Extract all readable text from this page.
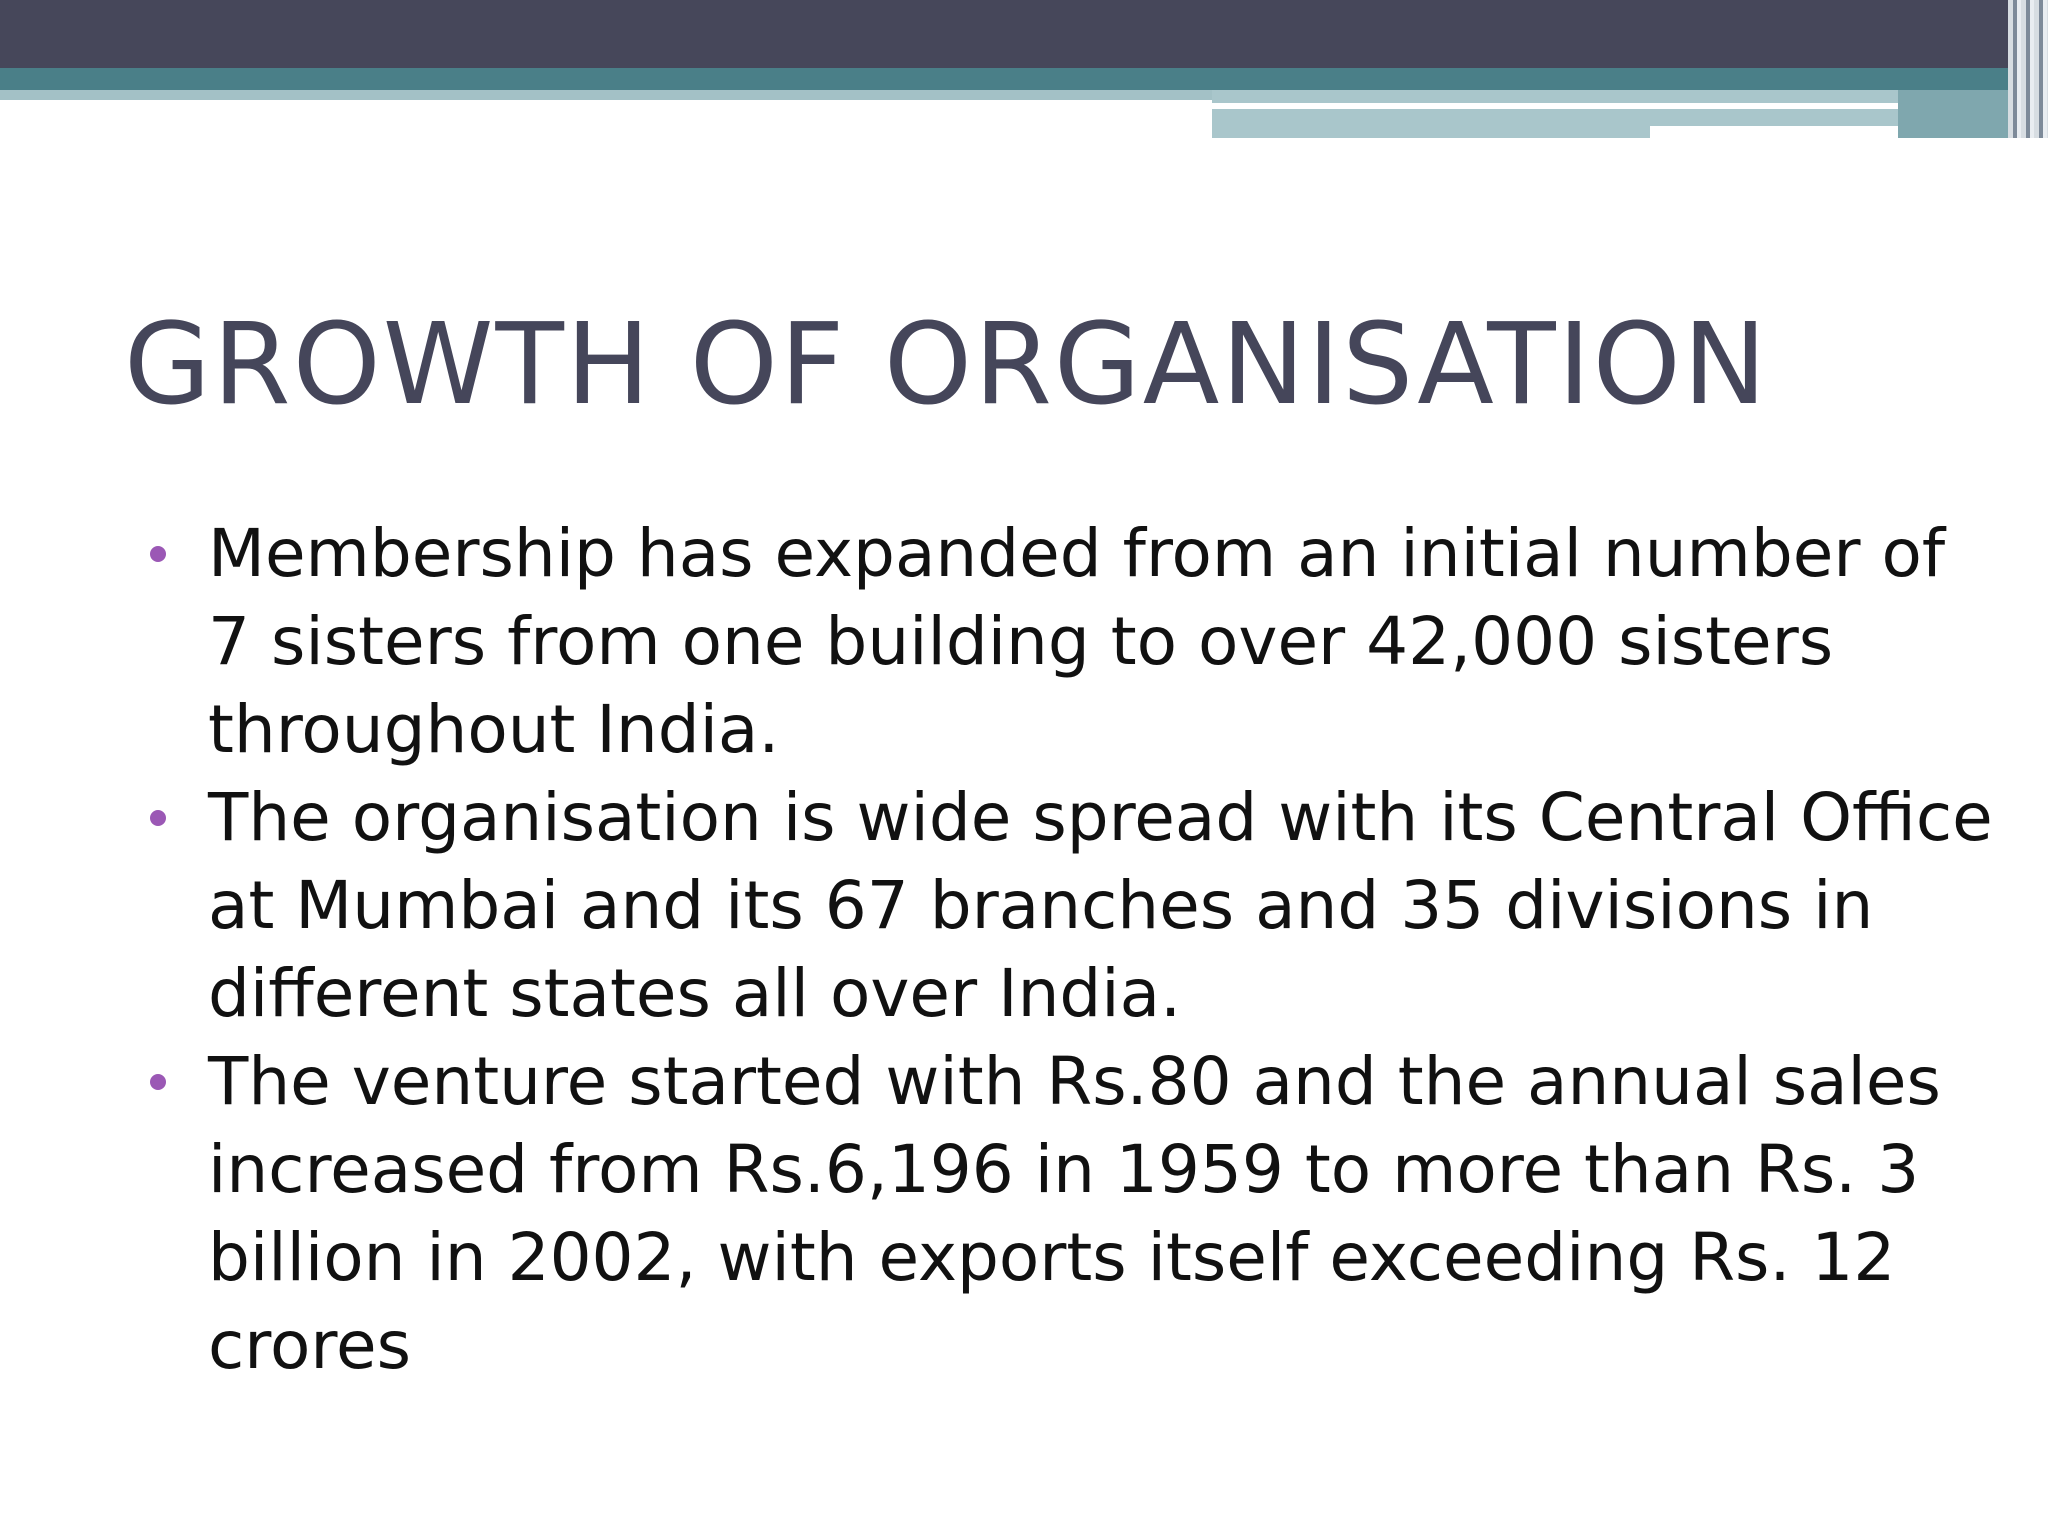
GROWTH OF ORGANISATION
Membership has expanded from an initial number of 7 sisters from one building to over 42,000 sisters throughout India.
The organisation is wide spread with its Central Office at Mumbai and its 67 branches and 35 divisions in different states all over India.
The venture started with Rs.80 and the annual sales increased from Rs.6,196 in 1959 to more than Rs. 3 billion in 2002, with exports itself exceeding Rs. 12 crores
